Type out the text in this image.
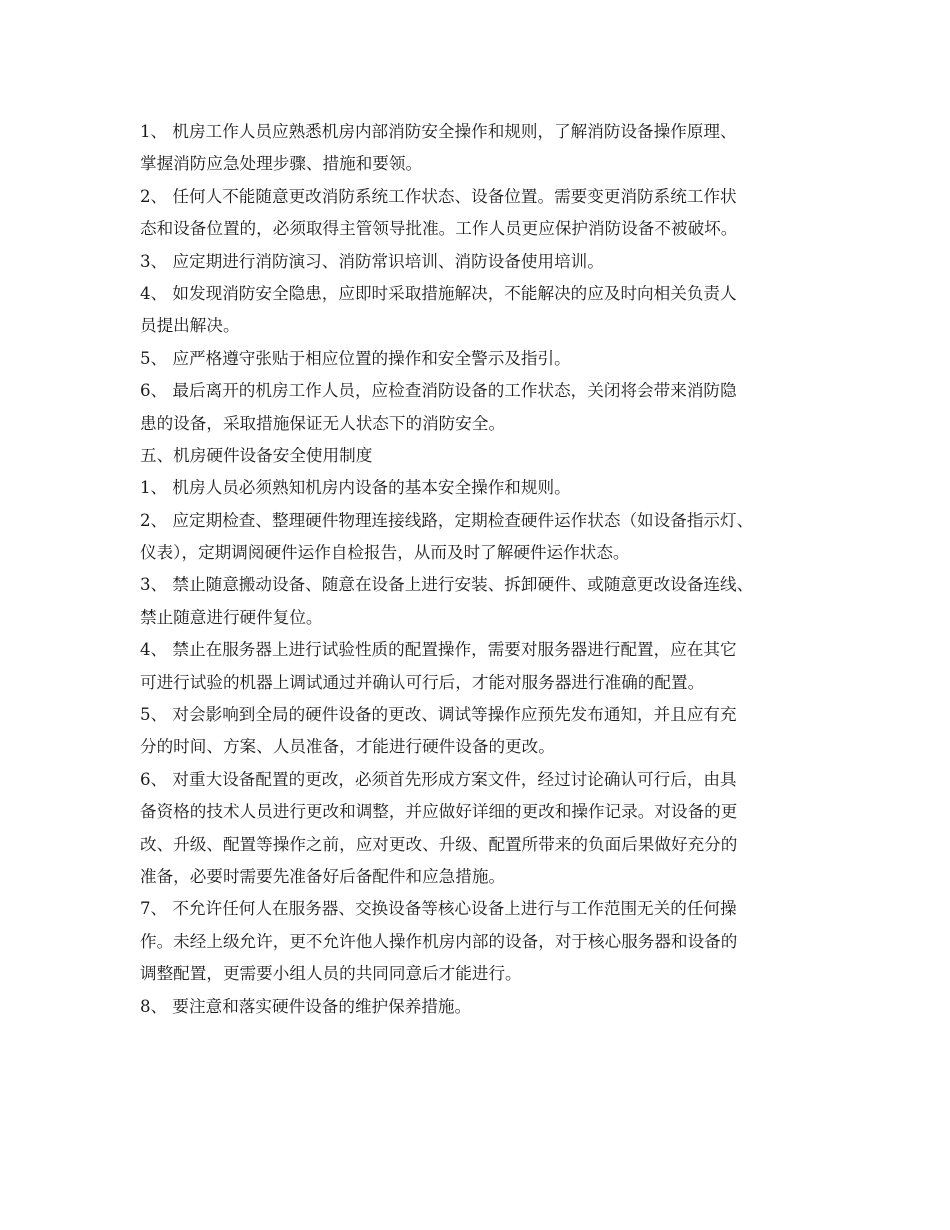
1、 机房工作人员应熟悉机房内部消防安全操作和规则，了解消防设备操作原理、
掌握消防应急处理步骤、措施和要领。
2、 任何人不能随意更改消防系统工作状态、设备位置。需要变更消防系统工作状
态和设备位置的，必须取得主管领导批准。工作人员更应保护消防设备不被破坏。
3、 应定期进行消防演习、消防常识培训、消防设备使用培训。
4、 如发现消防安全隐患，应即时采取措施解决，不能解决的应及时向相关负责人
员提出解决。
5、 应严格遵守张贴于相应位置的操作和安全警示及指引。
6、 最后离开的机房工作人员，应检查消防设备的工作状态，关闭将会带来消防隐
患的设备，采取措施保证无人状态下的消防安全。
五、机房硬件设备安全使用制度
1、 机房人员必须熟知机房内设备的基本安全操作和规则。
2、 应定期检查、整理硬件物理连接线路，定期检查硬件运作状态（如设备指示灯、
仪表），定期调阅硬件运作自检报告，从而及时了解硬件运作状态。
3、 禁止随意搬动设备、随意在设备上进行安装、拆卸硬件、或随意更改设备连线、
禁止随意进行硬件复位。
4、 禁止在服务器上进行试验性质的配置操作，需要对服务器进行配置，应在其它
可进行试验的机器上调试通过并确认可行后，才能对服务器进行准确的配置。
5、 对会影响到全局的硬件设备的更改、调试等操作应预先发布通知，并且应有充
分的时间、方案、人员准备，才能进行硬件设备的更改。
6、 对重大设备配置的更改，必须首先形成方案文件，经过讨论确认可行后，由具
备资格的技术人员进行更改和调整，并应做好详细的更改和操作记录。对设备的更
改、升级、配置等操作之前，应对更改、升级、配置所带来的负面后果做好充分的
准备，必要时需要先准备好后备配件和应急措施。
7、 不允许任何人在服务器、交换设备等核心设备上进行与工作范围无关的任何操
作。未经上级允许，更不允许他人操作机房内部的设备，对于核心服务器和设备的
调整配置，更需要小组人员的共同同意后才能进行。
8、 要注意和落实硬件设备的维护保养措施。
